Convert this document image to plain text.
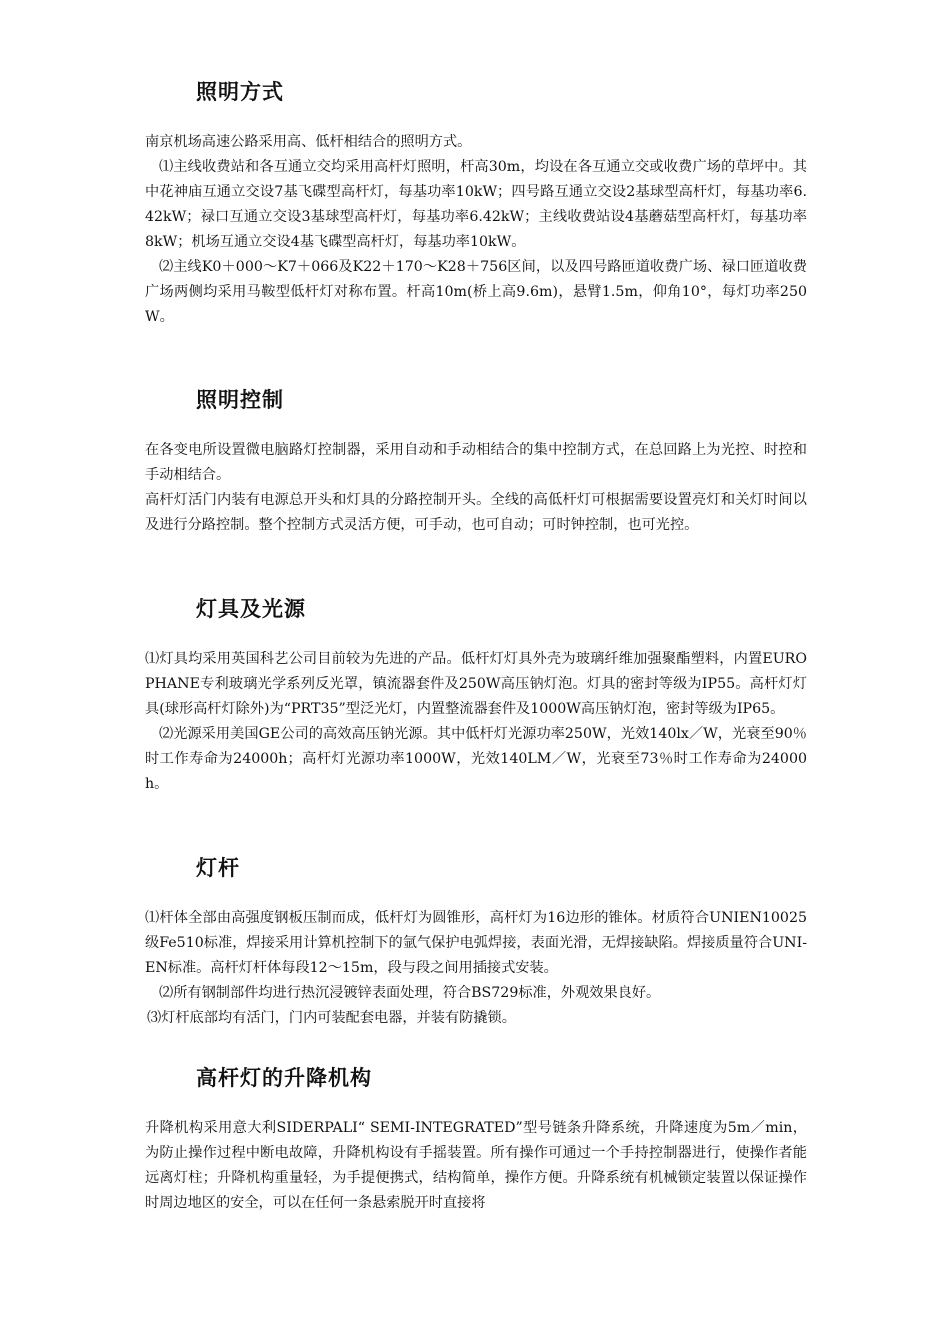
照明方式

南京机场高速公路采用高、低杆相结合的照明方式。

⑴主线收费站和各互通立交均采用高杆灯照明，杆高30m，均设在各互通立交或收费广场的草坪中。其中花神庙互通立交设7基飞碟型高杆灯，每基功率10kW；四号路互通立交设2基球型高杆灯，每基功率6.42kW；禄口互通立交设3基球型高杆灯，每基功率6.42kW；主线收费站设4基蘑菇型高杆灯，每基功率8kW；机场互通立交设4基飞碟型高杆灯，每基功率10kW。

⑵主线K0＋000～K7＋066及K22＋170～K28＋756区间，以及四号路匝道收费广场、禄口匝道收费广场两侧均采用马鞍型低杆灯对称布置。杆高10m(桥上高9.6m)，悬臂1.5m，仰角10°，每灯功率250W。

照明控制

在各变电所设置微电脑路灯控制器，采用自动和手动相结合的集中控制方式，在总回路上为光控、时控和手动相结合。

高杆灯活门内装有电源总开头和灯具的分路控制开头。全线的高低杆灯可根据需要设置亮灯和关灯时间以及进行分路控制。整个控制方式灵活方便，可手动，也可自动；可时钟控制，也可光控。

灯具及光源

⑴灯具均采用英国科艺公司目前较为先进的产品。低杆灯灯具外壳为玻璃纤维加强聚酯塑料，内置EUROPHANE专利玻璃光学系列反光罩，镇流器套件及250W高压钠灯泡。灯具的密封等级为IP55。高杆灯灯具(球形高杆灯除外)为“PRT35”型泛光灯，内置整流器套件及1000W高压钠灯泡，密封等级为IP65。

⑵光源采用美国GE公司的高效高压钠光源。其中低杆灯光源功率250W，光效140lx／W，光衰至90％时工作寿命为24000h；高杆灯光源功率1000W，光效140LM／W，光衰至73％时工作寿命为24000h。

灯杆

⑴杆体全部由高强度钢板压制而成，低杆灯为圆锥形，高杆灯为16边形的锥体。材质符合UNIEN10025级Fe510标准，焊接采用计算机控制下的氩气保护电弧焊接，表面光滑，无焊接缺陷。焊接质量符合UNI-EN标准。高杆灯杆体每段12～15m，段与段之间用插接式安装。

⑵所有钢制部件均进行热沉浸镀锌表面处理，符合BS729标准，外观效果良好。

⑶灯杆底部均有活门，门内可装配套电器，并装有防撬锁。

高杆灯的升降机构

升降机构采用意大利SIDERPALI“ SEMI-INTEGRATED”型号链条升降系统，升降速度为5m／min，为防止操作过程中断电故障，升降机构设有手摇装置。所有操作可通过一个手持控制器进行，使操作者能远离灯柱；升降机构重量轻，为手提便携式，结构简单，操作方便。升降系统有机械锁定装置以保证操作时周边地区的安全，可以在任何一条悬索脱开时直接将
